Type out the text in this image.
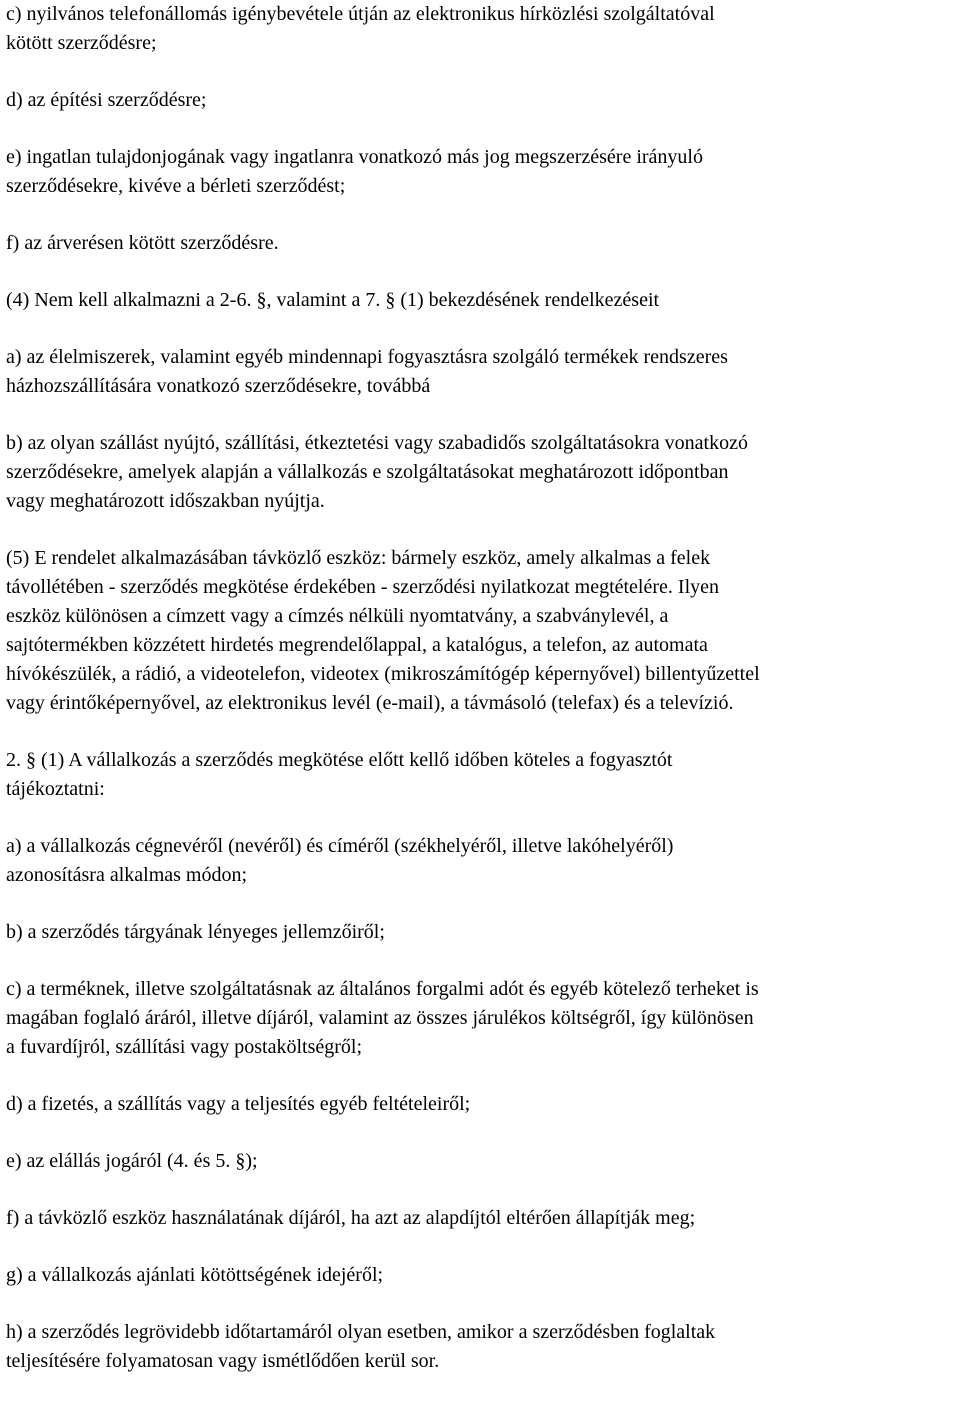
c) nyilvános telefonállomás igénybevétele útján az elektronikus hírközlési szolgáltatóval
kötött szerződésre;

d) az építési szerződésre;

e) ingatlan tulajdonjogának vagy ingatlanra vonatkozó más jog megszerzésére irányuló
szerződésekre, kivéve a bérleti szerződést;

f) az árverésen kötött szerződésre.

(4) Nem kell alkalmazni a 2-6. §, valamint a 7. § (1) bekezdésének rendelkezéseit

a) az élelmiszerek, valamint egyéb mindennapi fogyasztásra szolgáló termékek rendszeres
házhozszállítására vonatkozó szerződésekre, továbbá

b) az olyan szállást nyújtó, szállítási, étkeztetési vagy szabadidős szolgáltatásokra vonatkozó
szerződésekre, amelyek alapján a vállalkozás e szolgáltatásokat meghatározott időpontban
vagy meghatározott időszakban nyújtja.

(5) E rendelet alkalmazásában távközlő eszköz: bármely eszköz, amely alkalmas a felek
távollétében - szerződés megkötése érdekében - szerződési nyilatkozat megtételére. Ilyen
eszköz különösen a címzett vagy a címzés nélküli nyomtatvány, a szabványlevél, a
sajtótermékben közzétett hirdetés megrendelőlappal, a katalógus, a telefon, az automata
hívókészülék, a rádió, a videotelefon, videotex (mikroszámítógép képernyővel) billentyűzettel
vagy érintőképernyővel, az elektronikus levél (e-mail), a távmásoló (telefax) és a televízió.

2. § (1) A vállalkozás a szerződés megkötése előtt kellő időben köteles a fogyasztót
tájékoztatni:

a) a vállalkozás cégnevéről (nevéről) és címéről (székhelyéről, illetve lakóhelyéről)
azonosításra alkalmas módon;

b) a szerződés tárgyának lényeges jellemzőiről;

c) a terméknek, illetve szolgáltatásnak az általános forgalmi adót és egyéb kötelező terheket is
magában foglaló áráról, illetve díjáról, valamint az összes járulékos költségről, így különösen
a fuvardíjról, szállítási vagy postaköltségről;

d) a fizetés, a szállítás vagy a teljesítés egyéb feltételeiről;

e) az elállás jogáról (4. és 5. §);

f) a távközlő eszköz használatának díjáról, ha azt az alapdíjtól eltérően állapítják meg;

g) a vállalkozás ajánlati kötöttségének idejéről;

h) a szerződés legrövidebb időtartamáról olyan esetben, amikor a szerződésben foglaltak
teljesítésére folyamatosan vagy ismétlődően kerül sor.
